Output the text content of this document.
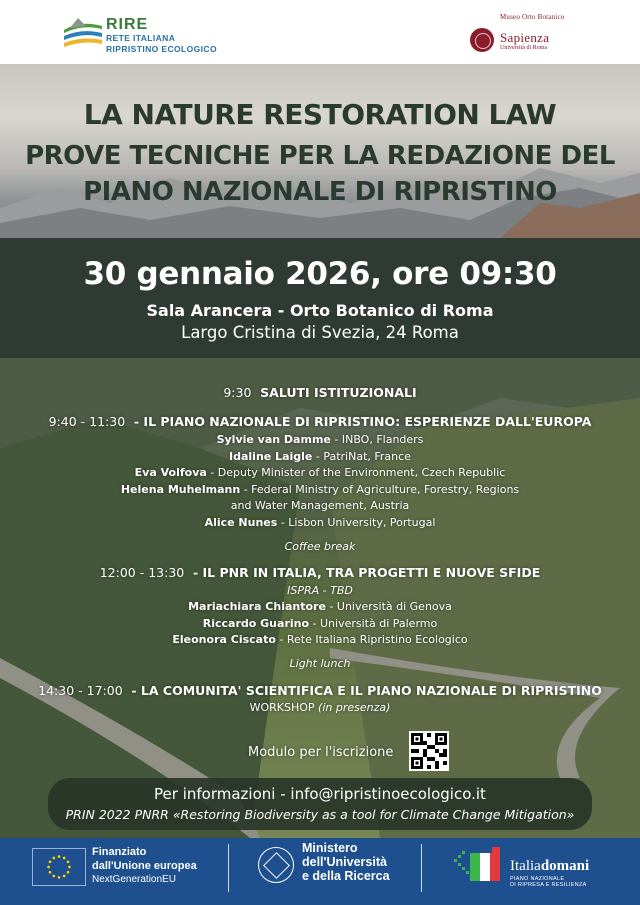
RIRE
RETE ITALIANA
RIPRISTINO ECOLOGICO
Museo Orto Botanico
Sapienza
Università di Roma
LA NATURE RESTORATION LAW
PROVE TECNICHE PER LA REDAZIONE DEL
PIANO NAZIONALE DI RIPRISTINO
30 gennaio 2026, ore 09:30
Sala Arancera - Orto Botanico di Roma
Largo Cristina di Svezia, 24 Roma
9:30 SALUTI ISTITUZIONALI
9:40 - 11:30 - IL PIANO NAZIONALE DI RIPRISTINO: ESPERIENZE DALL'EUROPA
Sylvie van Damme - INBO, Flanders
Idaline Laigle - PatriNat, France
Eva Volfova - Deputy Minister of the Environment, Czech Republic
Helena Muhelmann - Federal Ministry of Agriculture, Forestry, Regions
and Water Management, Austria
Alice Nunes - Lisbon University, Portugal
Coffee break
12:00 - 13:30 - IL PNR IN ITALIA, TRA PROGETTI E NUOVE SFIDE
ISPRA - TBD
Mariachiara Chiantore - Università di Genova
Riccardo Guarino - Università di Palermo
Eleonora Ciscato - Rete Italiana Ripristino Ecologico
Light lunch
14:30 - 17:00 - LA COMUNITA' SCIENTIFICA E IL PIANO NAZIONALE DI RIPRISTINO
WORKSHOP (in presenza)
Modulo per l'iscrizione
Per informazioni - info@ripristinoecologico.it
PRIN 2022 PNRR «Restoring Biodiversity as a tool for Climate Change Mitigation»
Finanziato
dall'Unione europea
NextGenerationEU
Ministero
dell'Università
e della Ricerca
Italiadomani
PIANO NAZIONALE
DI RIPRESA E RESILIENZA
